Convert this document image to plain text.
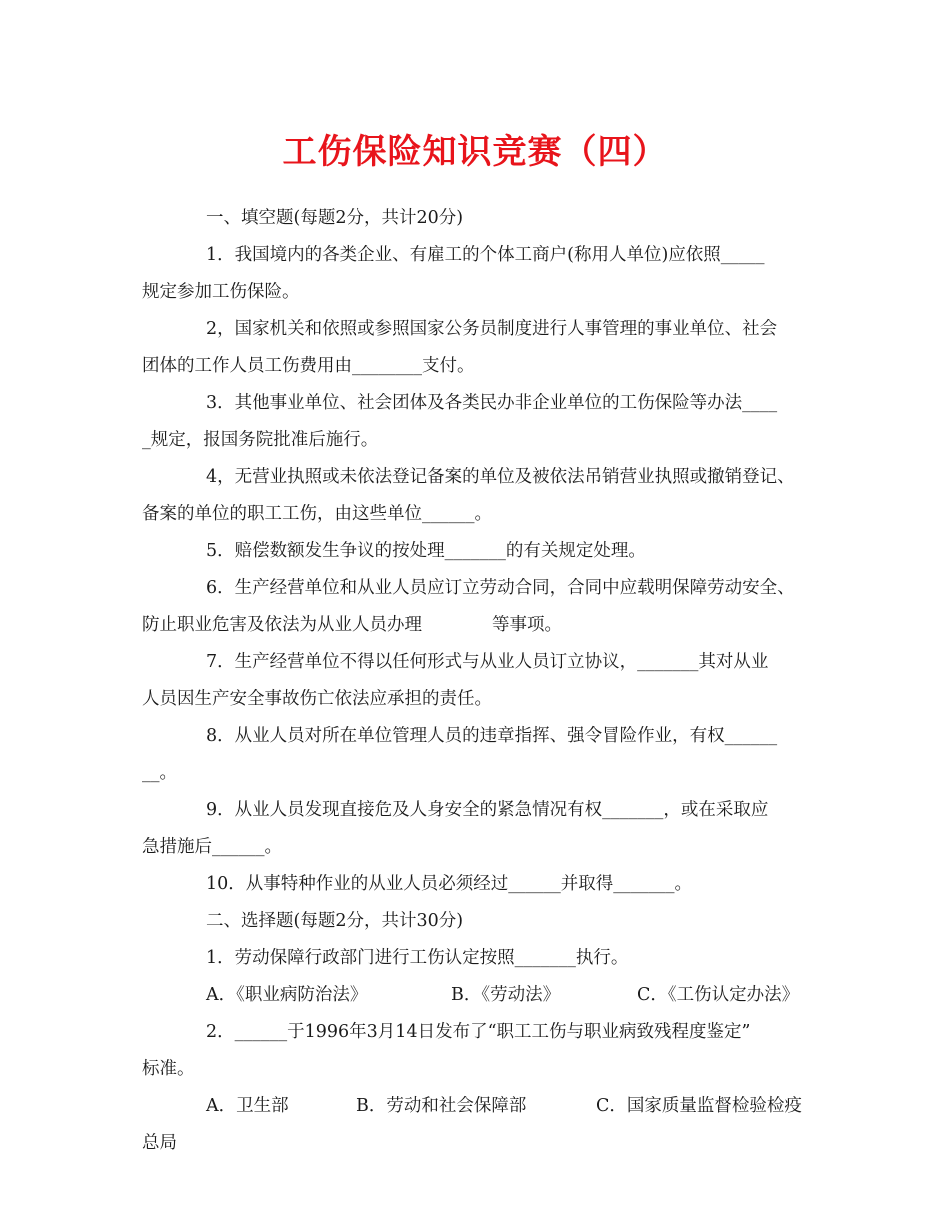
工伤保险知识竞赛（四）
一、填空题(每题2分，共计20分)
1．我国境内的各类企业、有雇工的个体工商户(称用人单位)应依照_____
规定参加工伤保险。
2，国家机关和依照或参照国家公务员制度进行人事管理的事业单位、社会
团体的工作人员工伤费用由________支付。
3．其他事业单位、社会团体及各类民办非企业单位的工伤保险等办法____
_规定，报国务院批准后施行。
4，无营业执照或未依法登记备案的单位及被依法吊销营业执照或撤销登记、
备案的单位的职工工伤，由这些单位______。
5．赔偿数额发生争议的按处理_______的有关规定处理。
6．生产经营单位和从业人员应订立劳动合同，合同中应载明保障劳动安全、
防止职业危害及依法为从业人员办理　　　　等事项。
7．生产经营单位不得以任何形式与从业人员订立协议，_______其对从业
人员因生产安全事故伤亡依法应承担的责任。
8．从业人员对所在单位管理人员的违章指挥、强令冒险作业，有权______
__。
9．从业人员发现直接危及人身安全的紧急情况有权_______，或在采取应
急措施后______。
10．从事特种作业的从业人员必须经过______并取得_______。
二、选择题(每题2分，共计30分)
1．劳动保障行政部门进行工伤认定按照_______执行。
A．《职业病防治法》	B．《劳动法》	C．《工伤认定办法》
2．______于1996年3月14日发布了“职工工伤与职业病致残程度鉴定”
标准。
A．卫生部	B．劳动和社会保障部	C．国家质量监督检验检疫
总局
